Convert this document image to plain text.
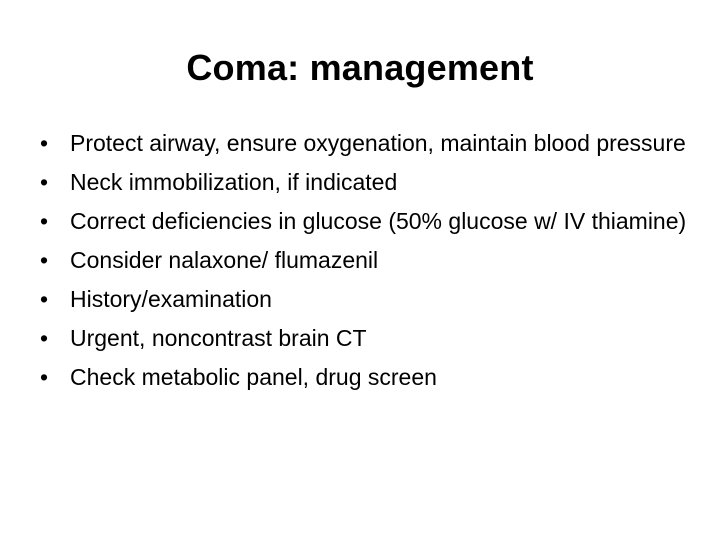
Coma: management
• Protect airway, ensure oxygenation, maintain blood pressure
• Neck immobilization, if indicated
• Correct deficiencies in glucose (50% glucose w/ IV thiamine)
• Consider nalaxone/ flumazenil
• History/examination
• Urgent, noncontrast brain CT
• Check metabolic panel, drug screen
